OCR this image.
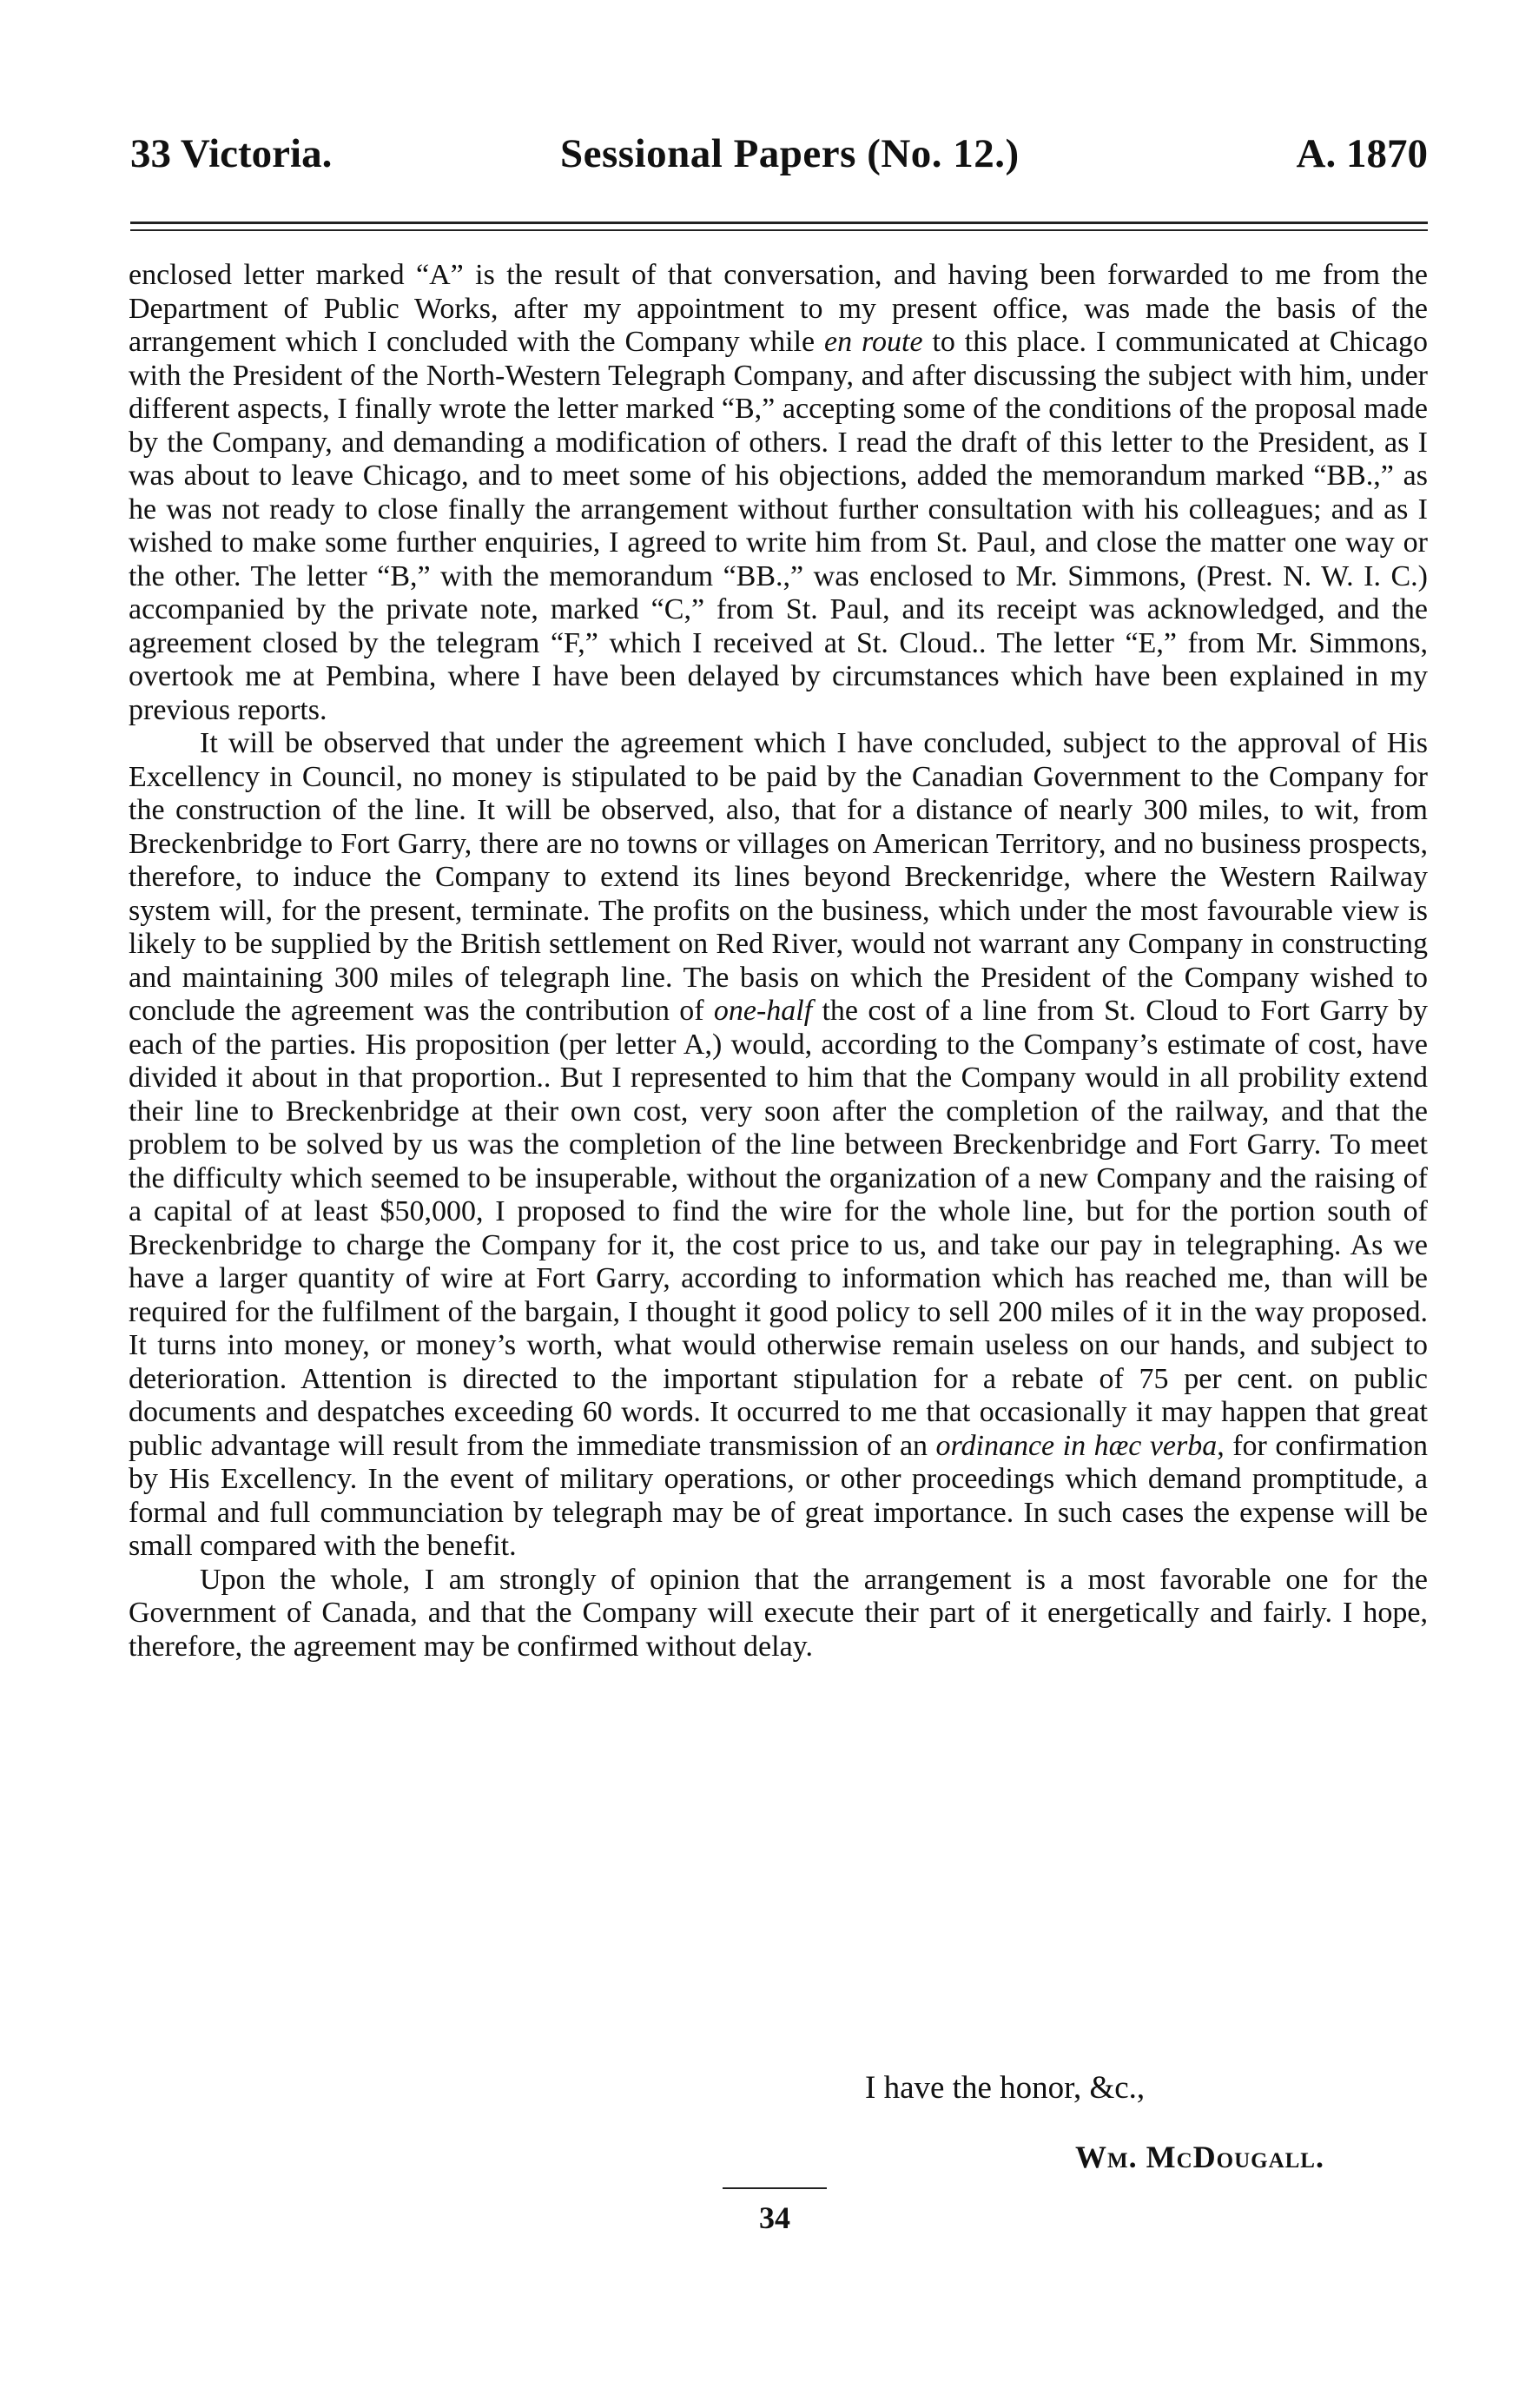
33 Victoria.	Sessional Papers (No. 12.)	A. 1870

enclosed letter marked “A” is the result of that conversation, and having been forwarded to me from the Department of Public Works, after my appointment to my present office, was made the basis of the arrangement which I concluded with the Company while en route to this place. I communicated at Chicago with the President of the North-Western Telegraph Company, and after discussing the subject with him, under different aspects, I finally wrote the letter marked “B,” accepting some of the conditions of the proposal made by the Company, and demanding a modification of others. I read the draft of this letter to the President, as I was about to leave Chicago, and to meet some of his objections, added the memorandum marked “BB.,” as he was not ready to close finally the arrangement without further consultation with his colleagues; and as I wished to make some further enquiries, I agreed to write him from St. Paul, and close the matter one way or the other. The letter “B,” with the memorandum “BB.,” was enclosed to Mr. Simmons, (Prest. N. W. I. C.) accompanied by the private note, marked “C,” from St. Paul, and its receipt was acknowledged, and the agreement closed by the telegram “F,” which I received at St. Cloud.. The letter “E,” from Mr. Simmons, overtook me at Pembina, where I have been delayed by circumstances which have been explained in my previous reports.

It will be observed that under the agreement which I have concluded, subject to the approval of His Excellency in Council, no money is stipulated to be paid by the Canadian Government to the Company for the construction of the line. It will be observed, also, that for a distance of nearly 300 miles, to wit, from Breckenbridge to Fort Garry, there are no towns or villages on American Territory, and no business prospects, therefore, to induce the Company to extend its lines beyond Breckenridge, where the Western Railway system will, for the present, terminate. The profits on the business, which under the most favourable view is likely to be supplied by the British settlement on Red River, would not warrant any Company in constructing and maintaining 300 miles of telegraph line. The basis on which the President of the Company wished to conclude the agreement was the contribution of one-half the cost of a line from St. Cloud to Fort Garry by each of the parties. His proposition (per letter A,) would, according to the Company’s estimate of cost, have divided it about in that proportion.. But I represented to him that the Company would in all probility extend their line to Breckenbridge at their own cost, very soon after the completion of the railway, and that the problem to be solved by us was the completion of the line between Breckenbridge and Fort Garry. To meet the difficulty which seemed to be insuperable, without the organization of a new Company and the raising of a capital of at least $50,000, I proposed to find the wire for the whole line, but for the portion south of Breckenbridge to charge the Company for it, the cost price to us, and take our pay in telegraphing. As we have a larger quantity of wire at Fort Garry, according to information which has reached me, than will be required for the fulfilment of the bargain, I thought it good policy to sell 200 miles of it in the way proposed. It turns into money, or money’s worth, what would otherwise remain useless on our hands, and subject to deterioration. Attention is directed to the important stipulation for a rebate of 75 per cent. on public documents and despatches exceeding 60 words. It occurred to me that occasionally it may happen that great public advantage will result from the immediate transmission of an ordinance in hæc verba, for confirmation by His Excellency. In the event of military operations, or other proceedings which demand promptitude, a formal and full communciation by telegraph may be of great importance. In such cases the expense will be small compared with the benefit.

Upon the whole, I am strongly of opinion that the arrangement is a most favorable one for the Government of Canada, and that the Company will execute their part of it energetically and fairly. I hope, therefore, the agreement may be confirmed without delay.

I have the honor, &c.,
Wm. McDougall.
34
